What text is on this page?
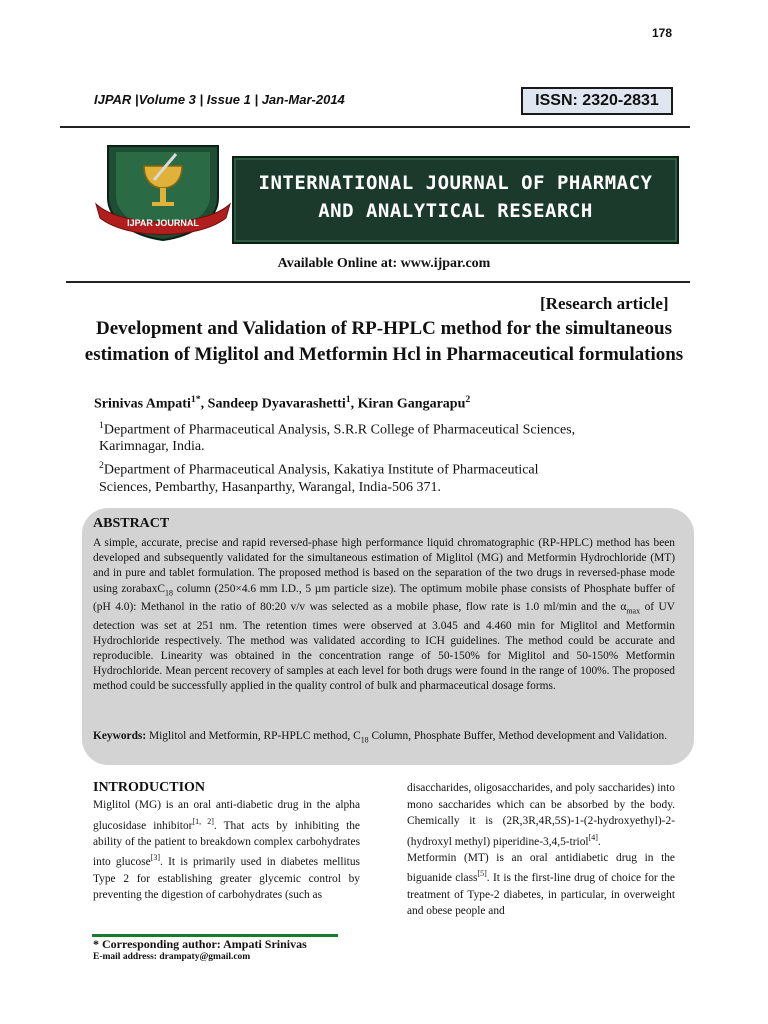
178
IJPAR |Volume 3 | Issue 1 | Jan-Mar-2014	ISSN: 2320-2831
IJPAR JOURNAL
INTERNATIONAL JOURNAL OF PHARMACY
AND ANALYTICAL RESEARCH
Available Online at: www.ijpar.com
[Research article]
Development and Validation of RP-HPLC method for the simultaneous estimation of Miglitol and Metformin Hcl in Pharmaceutical formulations
Srinivas Ampati$^{1*}$, Sandeep Dyavarashetti$^1$, Kiran Gangarapu$^2$
$^1$Department of Pharmaceutical Analysis, S.R.R College of Pharmaceutical Sciences,
Karimnagar, India.
$^2$Department of Pharmaceutical Analysis, Kakatiya Institute of Pharmaceutical
Sciences, Pembarthy, Hasanparthy, Warangal, India-506 371.
ABSTRACT
A simple, accurate, precise and rapid reversed-phase high performance liquid chromatographic (RP-HPLC) method has been developed and subsequently validated for the simultaneous estimation of Miglitol (MG) and Metformin Hydrochloride (MT) and in pure and tablet formulation. The proposed method is based on the separation of the two drugs in reversed-phase mode using zorabaxC$_{18}$ column (250×4.6 mm I.D., 5 µm particle size). The optimum mobile phase consists of Phosphate buffer of (pH 4.0): Methanol in the ratio of 80:20 v/v was selected as a mobile phase, flow rate is 1.0 ml/min and the $\alpha_{max}$ of UV detection was set at 251 nm. The retention times were observed at 3.045 and 4.460 min for Miglitol and Metformin Hydrochloride respectively. The method was validated according to ICH guidelines. The method could be accurate and reproducible. Linearity was obtained in the concentration range of 50-150% for Miglitol and 50-150% Metformin Hydrochloride. Mean percent recovery of samples at each level for both drugs were found in the range of 100%. The proposed method could be successfully applied in the quality control of bulk and pharmaceutical dosage forms.
Keywords: Miglitol and Metformin, RP-HPLC method, $C_{18}$ Column, Phosphate Buffer, Method development and Validation.
INTRODUCTION
Miglitol (MG) is an oral anti-diabetic drug in the alpha glucosidase inhibitor[1, 2]. That acts by inhibiting the ability of the patient to breakdown complex carbohydrates into glucose[3]. It is primarily used in diabetes mellitus Type 2 for establishing greater glycemic control by preventing the digestion of carbohydrates (such as
disaccharides, oligosaccharides, and poly saccharides) into mono saccharides which can be absorbed by the body. Chemically it is (2R,3R,4R,5S)-1-(2-hydroxyethyl)-2-(hydroxyl methyl) piperidine-3,4,5-triol[4].
Metformin (MT) is an oral antidiabetic drug in the biguanide class[5]. It is the first-line drug of choice for the treatment of Type-2 diabetes, in particular, in overweight and obese people and
* Corresponding author: Ampati Srinivas
E-mail address: drampaty@gmail.com
